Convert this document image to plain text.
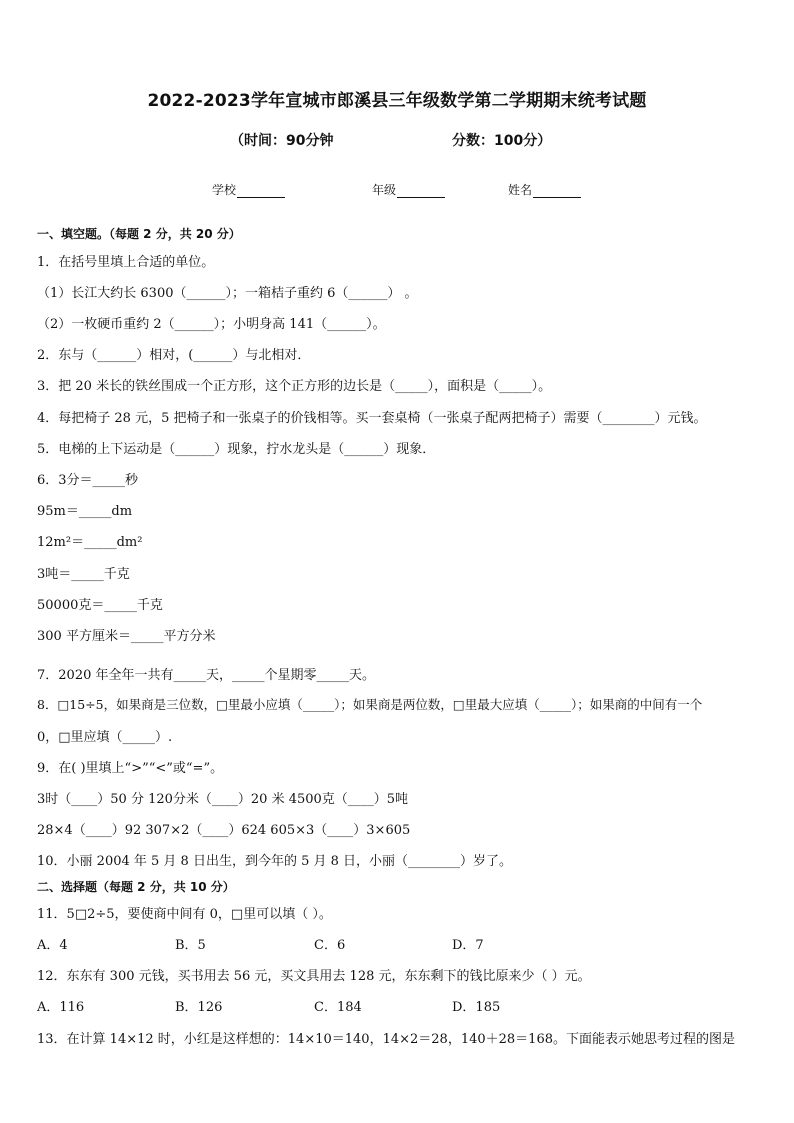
2022-2023学年宣城市郎溪县三年级数学第二学期期末统考试题
（时间：90分钟	分数：100分）
学校	年级	姓名
一、填空题。（每题 2 分，共 20 分）
1．在括号里填上合适的单位。
（1）长江大约长 6300（______）；一箱桔子重约 6（______） 。
（2）一枚硬币重约 2（______）；小明身高 141（______）。
2．东与（______）相对，(______）与北相对．
3．把 20 米长的铁丝围成一个正方形，这个正方形的边长是（_____），面积是（_____）。
4．每把椅子 28 元，5 把椅子和一张桌子的价钱相等。买一套桌椅（一张桌子配两把椅子）需要（________）元钱。
5．电梯的上下运动是（______）现象，拧水龙头是（______）现象．
6．3分＝_____秒
95m＝_____dm
12m²＝_____dm²
3吨＝_____千克
50000克＝_____千克
300 平方厘米＝_____平方分米
7．2020 年全年一共有_____天，_____个星期零_____天。
8．□15÷5，如果商是三位数，□里最小应填（_____）；如果商是两位数，□里最大应填（_____）；如果商的中间有一个
0，□里应填（_____）.
9．在( )里填上“>”“<”或“=”。
3时（____）50 分 120分米（____）20 米 4500克（____）5吨
28×4（____）92 307×2（____）624 605×3（____）3×605
10．小丽 2004 年 5 月 8 日出生，到今年的 5 月 8 日，小丽（________）岁了。
二、选择题（每题 2 分，共 10 分）
11．5□2÷5，要使商中间有 0，□里可以填（ ）。
A．4	B．5	C．6	D．7
12．东东有 300 元钱，买书用去 56 元，买文具用去 128 元，东东剩下的钱比原来少（ ）元。
A．116	B．126	C．184	D．185
13．在计算 14×12 时，小红是这样想的：14×10＝140，14×2＝28，140＋28＝168。下面能表示她思考过程的图是
